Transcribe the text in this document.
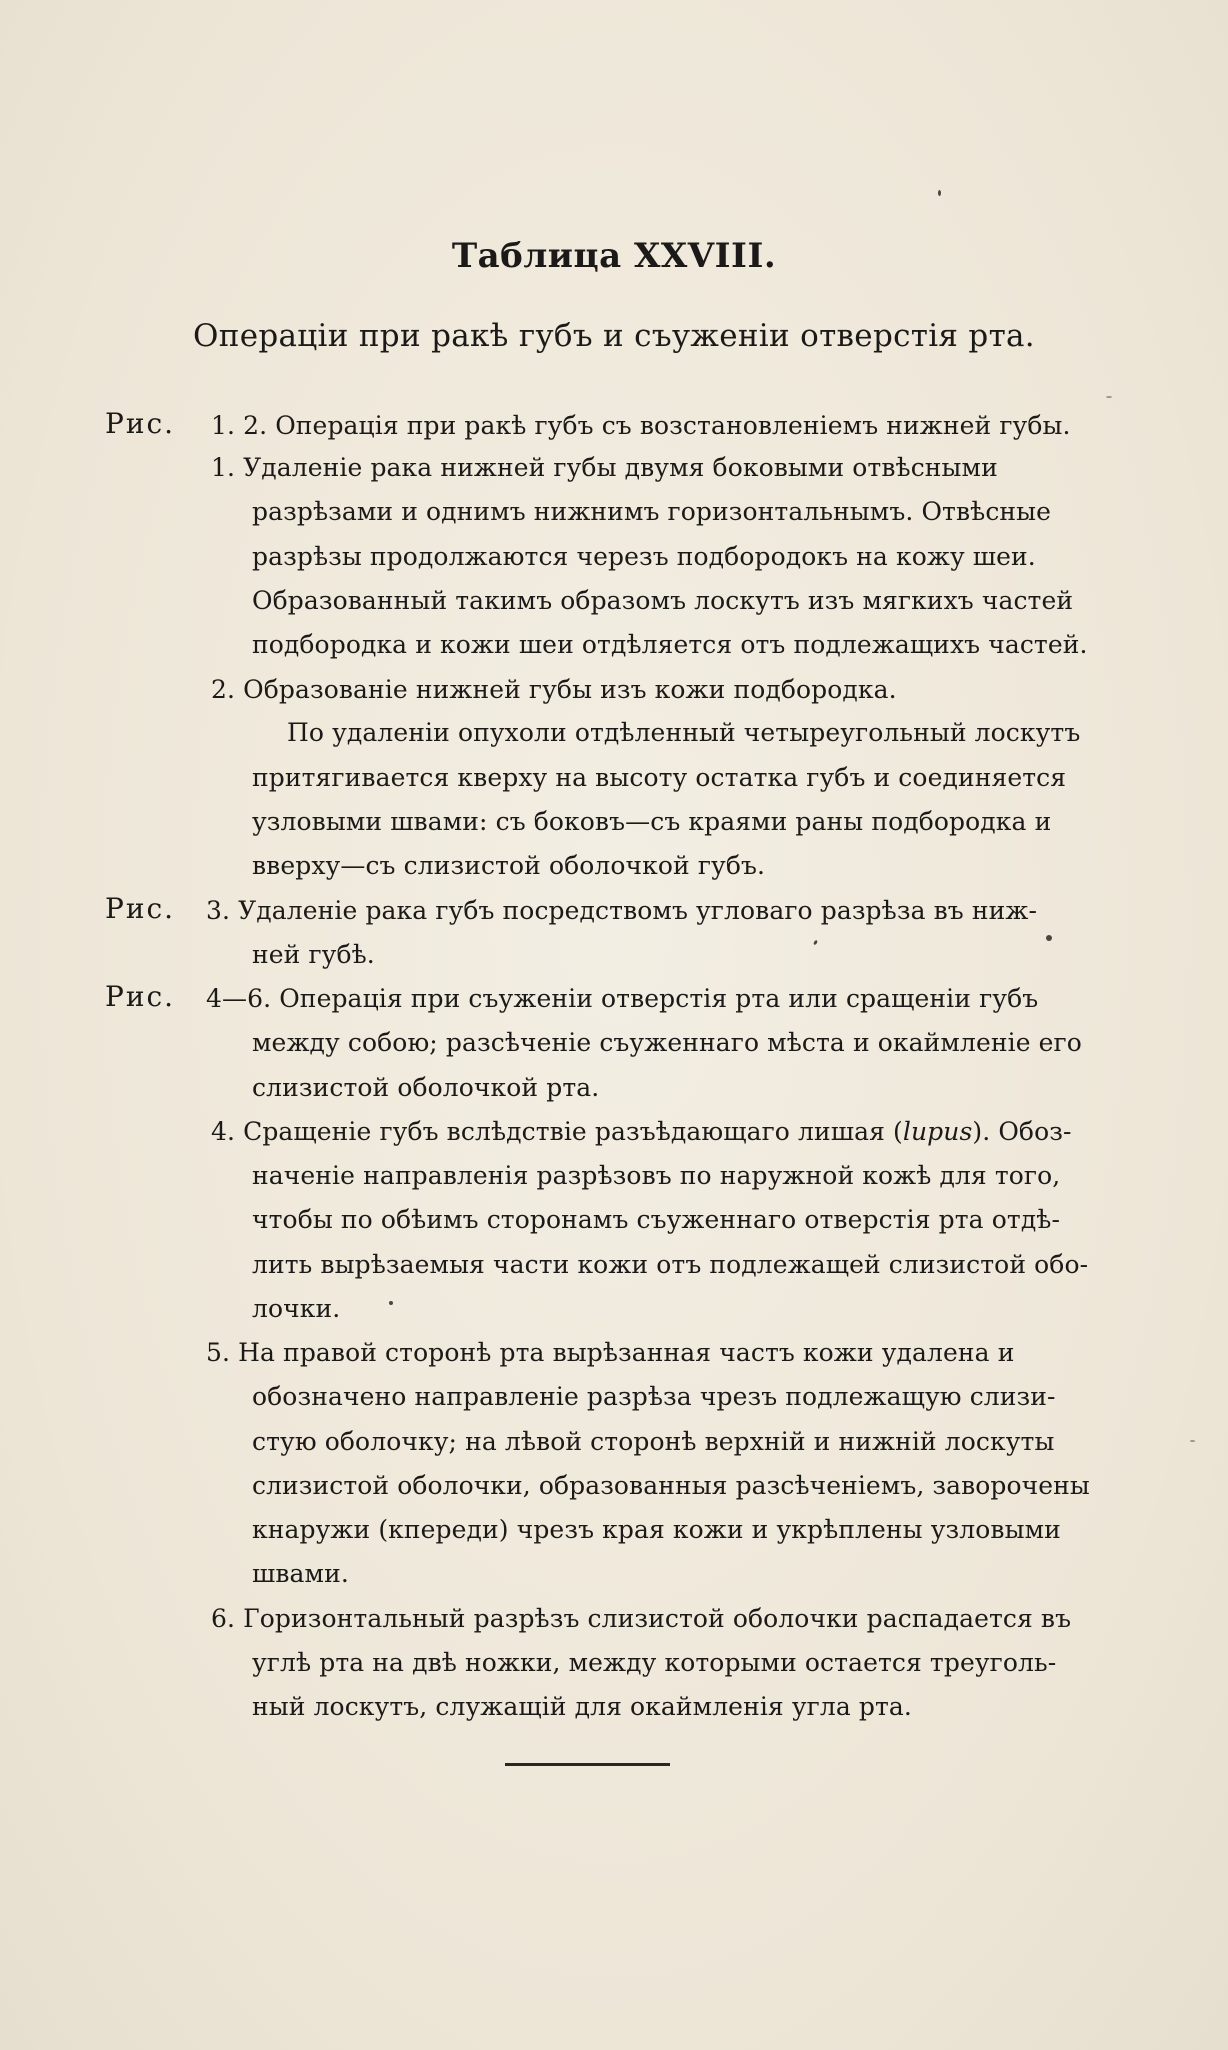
Таблица XXVIII.
Операціи при ракѣ губъ и съуженіи отверстія рта.
Рис. 1. 2. Операція при ракѣ губъ съ возстановленіемъ нижней губы.
1. Удаленіе рака нижней губы двумя боковыми отвѣсными
разрѣзами и однимъ нижнимъ горизонтальнымъ. Отвѣсные
разрѣзы продолжаются черезъ подбородокъ на кожу шеи.
Образованный такимъ образомъ лоскутъ изъ мягкихъ частей
подбородка и кожи шеи отдѣляется отъ подлежащихъ частей.
2. Образованіе нижней губы изъ кожи подбородка.
По удаленіи опухоли отдѣленный четыреугольный лоскутъ
притягивается кверху на высоту остатка губъ и соединяется
узловыми швами: съ боковъ—съ краями раны подбородка и
вверху—съ слизистой оболочкой губъ.
Рис. 3. Удаленіе рака губъ посредствомъ угловаго разрѣза въ ниж-
ней губѣ.
Рис. 4—6. Операція при съуженіи отверстія рта или сращеніи губъ
между собою; разсѣченіе съуженнаго мѣста и окаймленіе его
слизистой оболочкой рта.
4. Сращеніе губъ вслѣдствіе разъѣдающаго лишая (lupus). Обоз-
наченіе направленія разрѣзовъ по наружной кожѣ для того,
чтобы по обѣимъ сторонамъ съуженнаго отверстія рта отдѣ-
лить вырѣзаемыя части кожи отъ подлежащей слизистой обо-
лочки.
5. На правой сторонѣ рта вырѣзанная частъ кожи удалена и
обозначено направленіе разрѣза чрезъ подлежащую слизи-
стую оболочку; на лѣвой сторонѣ верхній и нижній лоскуты
слизистой оболочки, образованныя разсѣченіемъ, заворочены
кнаружи (кпереди) чрезъ края кожи и укрѣплены узловыми
швами.
6. Горизонтальный разрѣзъ слизистой оболочки распадается въ
углѣ рта на двѣ ножки, между которыми остается треуголь-
ный лоскутъ, служащій для окаймленія угла рта.
